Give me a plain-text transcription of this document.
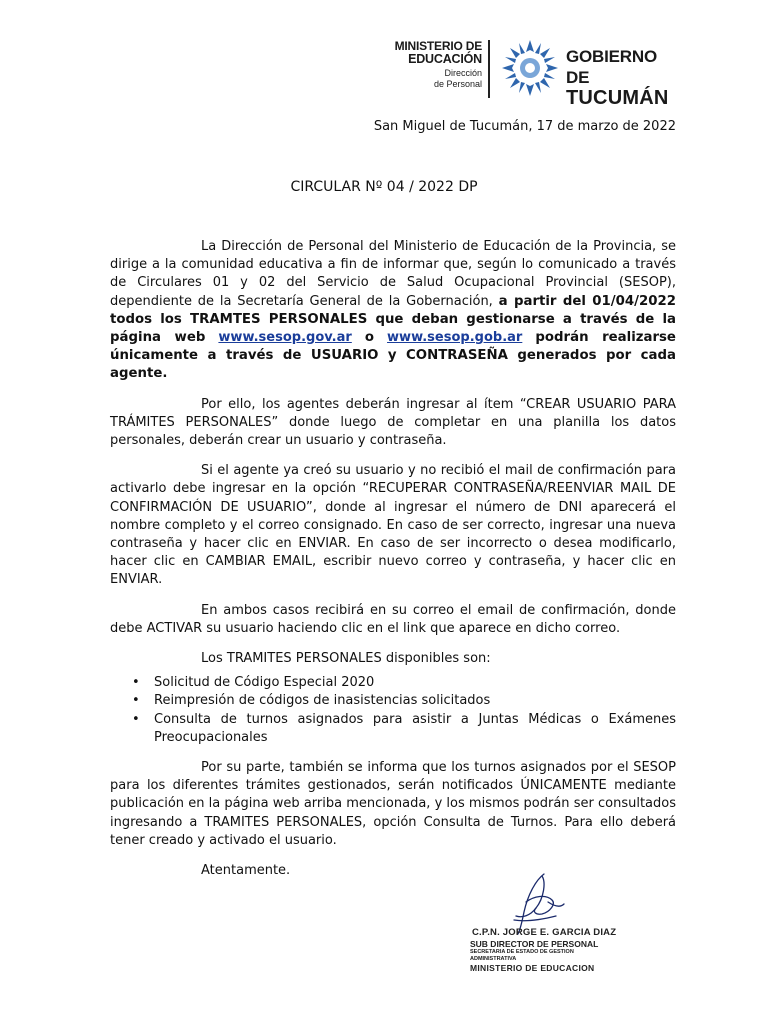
MINISTERIO DE
EDUCACIÓN
Dirección
de Personal
GOBIERNO DE
TUCUMÁN
San Miguel de Tucumán, 17 de marzo de 2022
CIRCULAR Nº 04 / 2022 DP

La Dirección de Personal del Ministerio de Educación de la Provincia, se dirige a la comunidad educativa a fin de informar que, según lo comunicado a través de Circulares 01 y 02 del Servicio de Salud Ocupacional Provincial (SESOP), dependiente de la Secretaría General de la Gobernación, a partir del 01/04/2022 todos los TRAMTES PERSONALES que deban gestionarse a través de la página web www.sesop.gov.ar o www.sesop.gob.ar podrán realizarse únicamente a través de USUARIO y CONTRASEÑA generados por cada agente.

Por ello, los agentes deberán ingresar al ítem “CREAR USUARIO PARA TRÁMITES PERSONALES” donde luego de completar en una planilla los datos personales, deberán crear un usuario y contraseña.

Si el agente ya creó su usuario y no recibió el mail de confirmación para activarlo debe ingresar en la opción “RECUPERAR CONTRASEÑA/REENVIAR MAIL DE CONFIRMACIÓN DE USUARIO”, donde al ingresar el número de DNI aparecerá el nombre completo y el correo consignado. En caso de ser correcto, ingresar una nueva contraseña y hacer clic en ENVIAR. En caso de ser incorrecto o desea modificarlo, hacer clic en CAMBIAR EMAIL, escribir nuevo correo y contraseña, y hacer clic en ENVIAR.

En ambos casos recibirá en su correo el email de confirmación, donde debe ACTIVAR su usuario haciendo clic en el link que aparece en dicho correo.

Los TRAMITES PERSONALES disponibles son:

• Solicitud de Código Especial 2020
• Reimpresión de códigos de inasistencias solicitados
• Consulta de turnos asignados para asistir a Juntas Médicas o Exámenes Preocupacionales

Por su parte, también se informa que los turnos asignados por el SESOP para los diferentes trámites gestionados, serán notificados ÚNICAMENTE mediante publicación en la página web arriba mencionada, y los mismos podrán ser consultados ingresando a TRAMITES PERSONALES, opción Consulta de Turnos. Para ello deberá tener creado y activado el usuario.

Atentamente.

C.P.N. JORGE E. GARCIA DIAZ
SUB DIRECTOR DE PERSONAL
SECRETARIA DE ESTADO DE GESTION ADMINISTRATIVA
MINISTERIO DE EDUCACION
